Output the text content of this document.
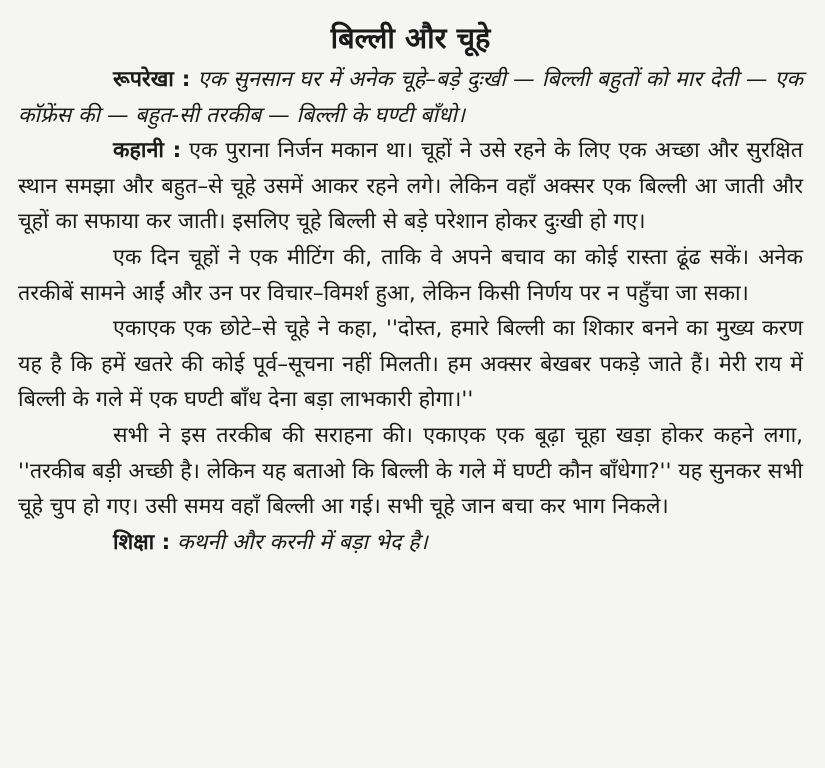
बिल्ली और चूहे

रूपरेखा : एक सुनसान घर में अनेक चूहे–बड़े दुःखी — बिल्ली बहुतों को मार देती — एक कॉफ्रेंस की — बहुत-सी तरकीब — बिल्ली के घण्टी बाँधो।

कहानी : एक पुराना निर्जन मकान था। चूहों ने उसे रहने के लिए एक अच्छा और सुरक्षित स्थान समझा और बहुत–से चूहे उसमें आकर रहने लगे। लेकिन वहाँ अक्सर एक बिल्ली आ जाती और चूहों का सफाया कर जाती। इसलिए चूहे बिल्ली से बड़े परेशान होकर दुःखी हो गए।

एक दिन चूहों ने एक मीटिंग की, ताकि वे अपने बचाव का कोई रास्ता ढूंढ सकें। अनेक तरकीबें सामने आईं और उन पर विचार–विमर्श हुआ, लेकिन किसी निर्णय पर न पहुँचा जा सका।

एकाएक एक छोटे–से चूहे ने कहा, ''दोस्त, हमारे बिल्ली का शिकार बनने का मुख्य करण यह है कि हमें खतरे की कोई पूर्व–सूचना नहीं मिलती। हम अक्सर बेखबर पकड़े जाते हैं। मेरी राय में बिल्ली के गले में एक घण्टी बाँध देना बड़ा लाभकारी होगा।''

सभी ने इस तरकीब की सराहना की। एकाएक एक बूढ़ा चूहा खड़ा होकर कहने लगा, ''तरकीब बड़ी अच्छी है। लेकिन यह बताओ कि बिल्ली के गले में घण्टी कौन बाँधेगा?'' यह सुनकर सभी चूहे चुप हो गए। उसी समय वहाँ बिल्ली आ गई। सभी चूहे जान बचा कर भाग निकले।

शिक्षा : कथनी और करनी में बड़ा भेद है।
